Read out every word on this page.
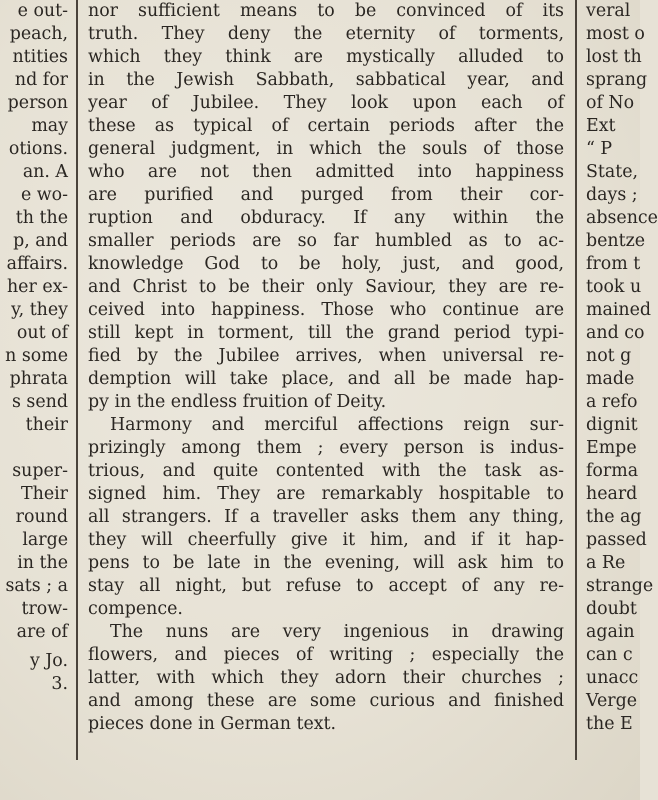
e out-
peach,
ntities
nd for
person
may
otions.
an. A
e wo-
th the
p, and
affairs.
her ex-
y, they
out of
n some
phrata
s send
their

super-
Their
round
large
in the
sats ; a
trow-
are of
y Jo.
3.
nor sufficient means to be convinced of its
truth. They deny the eternity of torments,
which they think are mystically alluded to
in the Jewish Sabbath, sabbatical year, and
year of Jubilee. They look upon each of
these as typical of certain periods after the
general judgment, in which the souls of those
who are not then admitted into happiness
are purified and purged from their cor-
ruption and obduracy. If any within the
smaller periods are so far humbled as to ac-
knowledge God to be holy, just, and good,
and Christ to be their only Saviour, they are re-
ceived into happiness. Those who continue are
still kept in torment, till the grand period typi-
fied by the Jubilee arrives, when universal re-
demption will take place, and all be made hap-
py in the endless fruition of Deity.
Harmony and merciful affections reign sur-
prizingly among them ; every person is indus-
trious, and quite contented with the task as-
signed him. They are remarkably hospitable to
all strangers. If a traveller asks them any thing,
they will cheerfully give it him, and if it hap-
pens to be late in the evening, will ask him to
stay all night, but refuse to accept of any re-
compence.
The nuns are very ingenious in drawing
flowers, and pieces of writing ; especially the
latter, with which they adorn their churches ;
and among these are some curious and finished
pieces done in German text.
veral
most o
lost th
sprang
of No
Ext
“ P
State,
days ;
absence
bentze
from t
took u
mained
and co
not g
made
a refo
dignit
Empe
forma
heard
the ag
passed
a Re
strange
doubt
again
can c
unacc
Verge
the E
